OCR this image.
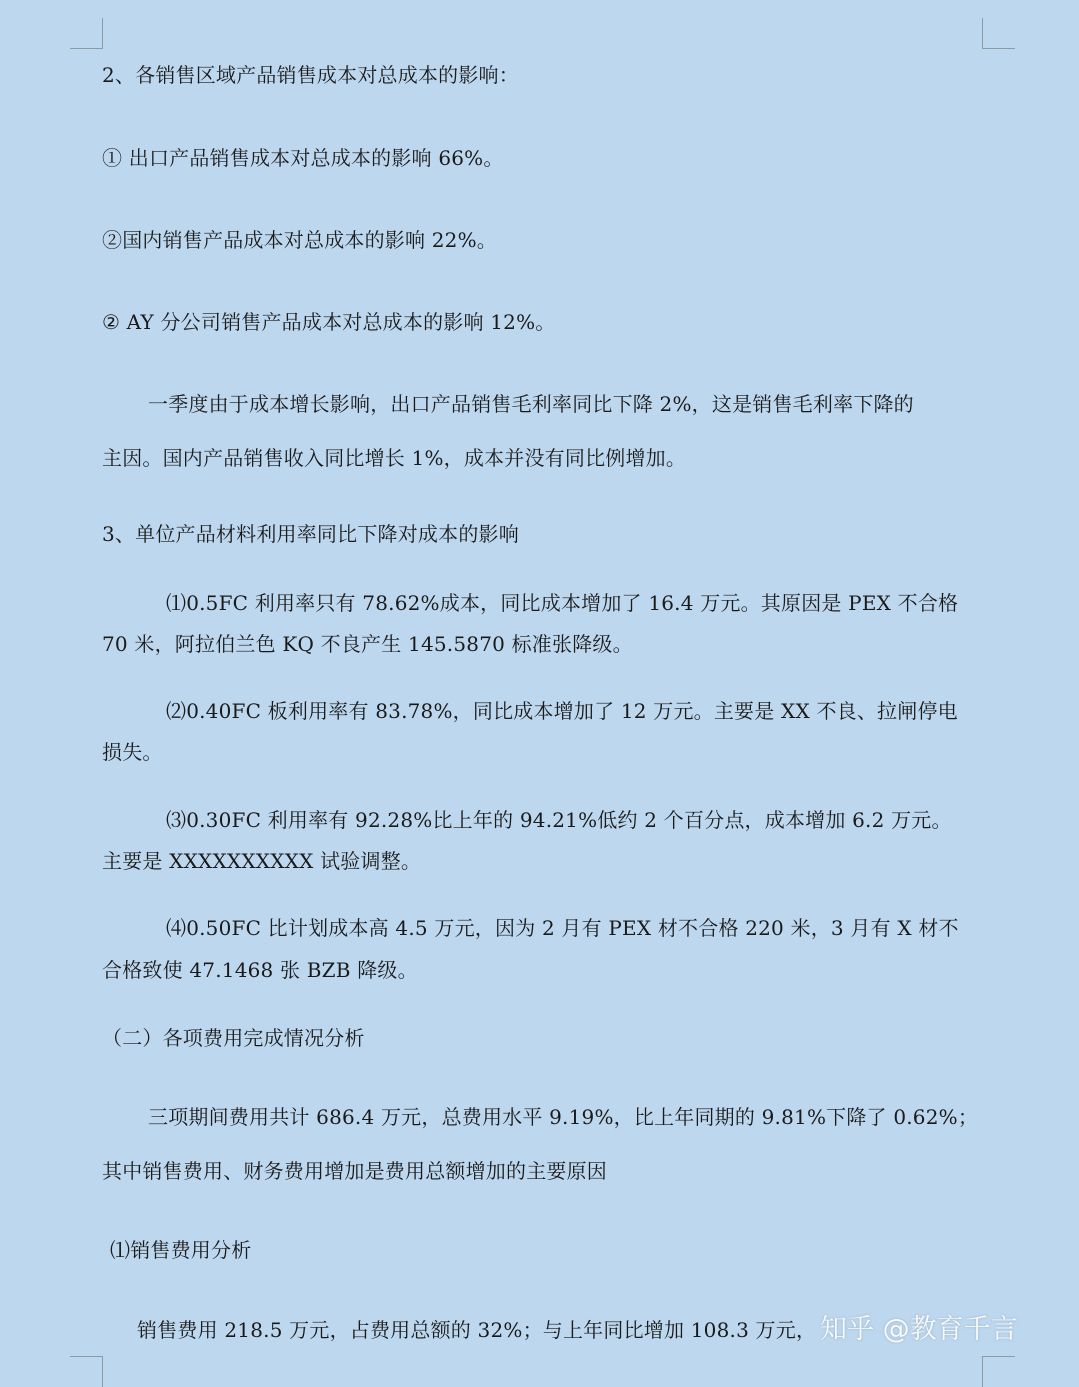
2、各销售区域产品销售成本对总成本的影响：
① 出口产品销售成本对总成本的影响 66%。
②国内销售产品成本对总成本的影响 22%。
② AY 分公司销售产品成本对总成本的影响 12%。
一季度由于成本增长影响，出口产品销售毛利率同比下降 2%，这是销售毛利率下降的
主因。国内产品销售收入同比增长 1%，成本并没有同比例增加。
3、单位产品材料利用率同比下降对成本的影响
⑴0.5FC 利用率只有 78.62%成本，同比成本增加了 16.4 万元。其原因是 PEX 不合格
70 米，阿拉伯兰色 KQ 不良产生 145.5870 标准张降级。
⑵0.40FC 板利用率有 83.78%，同比成本增加了 12 万元。主要是 XX 不良、拉闸停电
损失。
⑶0.30FC 利用率有 92.28%比上年的 94.21%低约 2 个百分点，成本增加 6.2 万元。
主要是 XXXXXXXXXX 试验调整。
⑷0.50FC 比计划成本高 4.5 万元，因为 2 月有 PEX 材不合格 220 米，3 月有 X 材不
合格致使 47.1468 张 BZB 降级。
（二）各项费用完成情况分析
三项期间费用共计 686.4 万元，总费用水平 9.19%，比上年同期的 9.81%下降了 0.62%；
其中销售费用、财务费用增加是费用总额增加的主要原因
⑴销售费用分析
销售费用 218.5 万元，占费用总额的 32%；与上年同比增加 108.3 万元， 知乎 @教育千言
